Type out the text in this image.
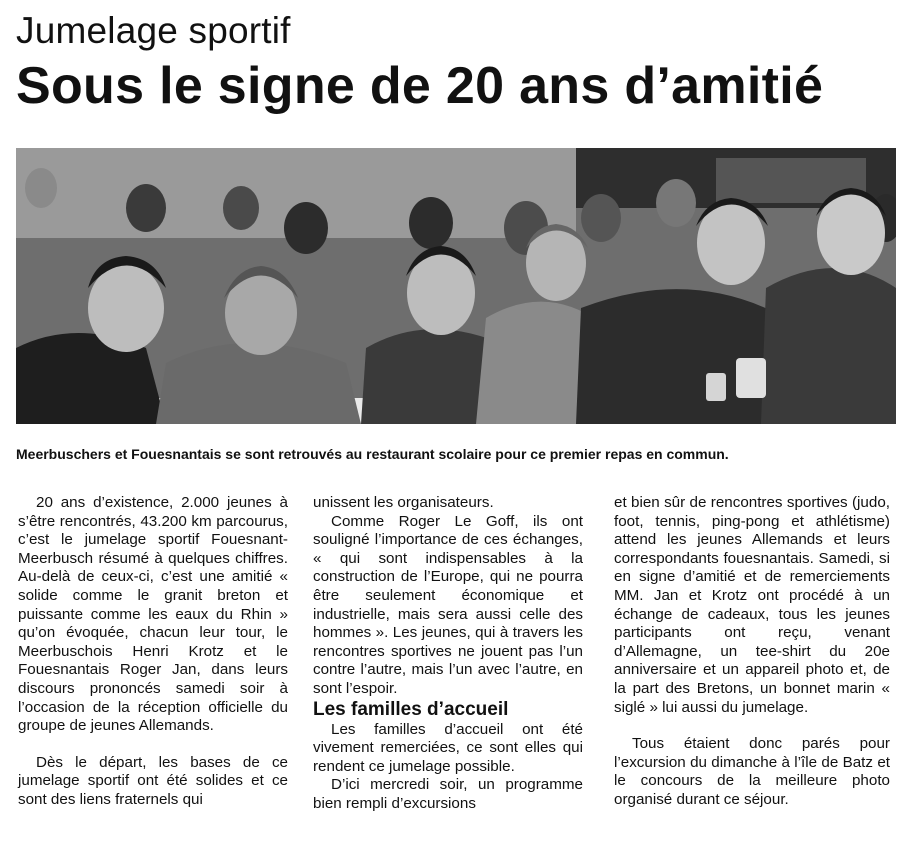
Jumelage sportif
Sous le signe de 20 ans d’amitié
Meerbuschers et Fouesnantais se sont retrouvés au restaurant scolaire pour ce premier repas en commun.

20 ans d’existence, 2.000 jeunes à s’être rencontrés, 43.200 km parcourus, c’est le jumelage sportif Fouesnant-Meerbusch résumé à quelques chiffres. Au-delà de ceux-ci, c’est une amitié « solide comme le granit breton et puissante comme les eaux du Rhin » qu’on évoquée, chacun leur tour, le Meerbuschois Henri Krotz et le Fouesnantais Roger Jan, dans leurs discours prononcés samedi soir à l’occasion de la réception officielle du groupe de jeunes Allemands.

Dès le départ, les bases de ce jumelage sportif ont été solides et ce sont des liens fraternels qui

unissent les organisateurs.

Comme Roger Le Goff, ils ont souligné l’importance de ces échanges, « qui sont indispensables à la construction de l’Europe, qui ne pourra être seulement économique et industrielle, mais sera aussi celle des hommes ». Les jeunes, qui à travers les rencontres sportives ne jouent pas l’un contre l’autre, mais l’un avec l’autre, en sont l’espoir.

Les familles d’accueil

Les familles d’accueil ont été vivement remerciées, ce sont elles qui rendent ce jumelage possible.

D’ici mercredi soir, un programme bien rempli d’excursions

et bien sûr de rencontres sportives (judo, foot, tennis, ping-pong et athlétisme) attend les jeunes Allemands et leurs correspondants fouesnantais. Samedi, si en signe d’amitié et de remerciements MM. Jan et Krotz ont procédé à un échange de cadeaux, tous les jeunes participants ont reçu, venant d’Allemagne, un tee-shirt du 20e anniversaire et un appareil photo et, de la part des Bretons, un bonnet marin « siglé » lui aussi du jumelage.

Tous étaient donc parés pour l’excursion du dimanche à l’île de Batz et le concours de la meilleure photo organisé durant ce séjour.
